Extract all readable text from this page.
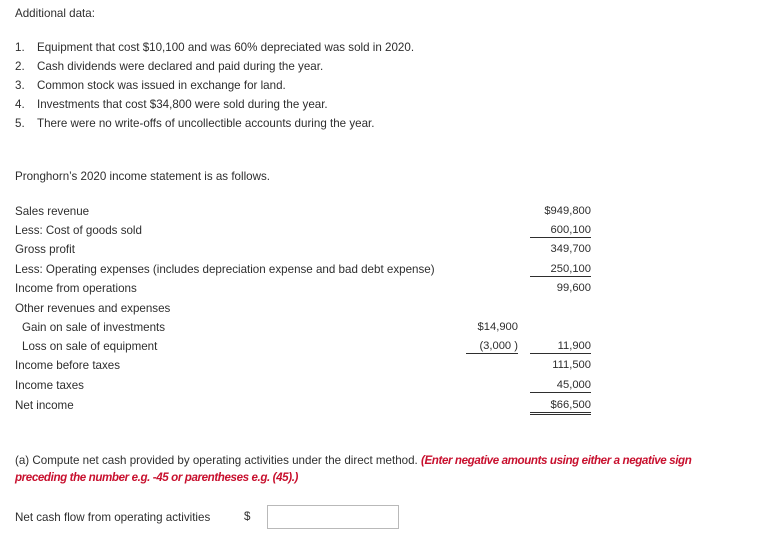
Additional data:
1. Equipment that cost $10,100 and was 60% depreciated was sold in 2020.
2. Cash dividends were declared and paid during the year.
3. Common stock was issued in exchange for land.
4. Investments that cost $34,800 were sold during the year.
5. There were no write-offs of uncollectible accounts during the year.
Pronghorn’s 2020 income statement is as follows.
Sales revenue
Less: Cost of goods sold
Gross profit
Less: Operating expenses (includes depreciation expense and bad debt expense)
Income from operations
Other revenues and expenses
Gain on sale of investments
Loss on sale of equipment
Income before taxes
Income taxes
Net income
$14,900
(3,000 )
$949,800
600,100
349,700
250,100
99,600
11,900
111,500
45,000
$66,500
(a) Compute net cash provided by operating activities under the direct method. (Enter negative amounts using either a negative sign
preceding the number e.g. -45 or parentheses e.g. (45).)
Net cash flow from operating activities	$
